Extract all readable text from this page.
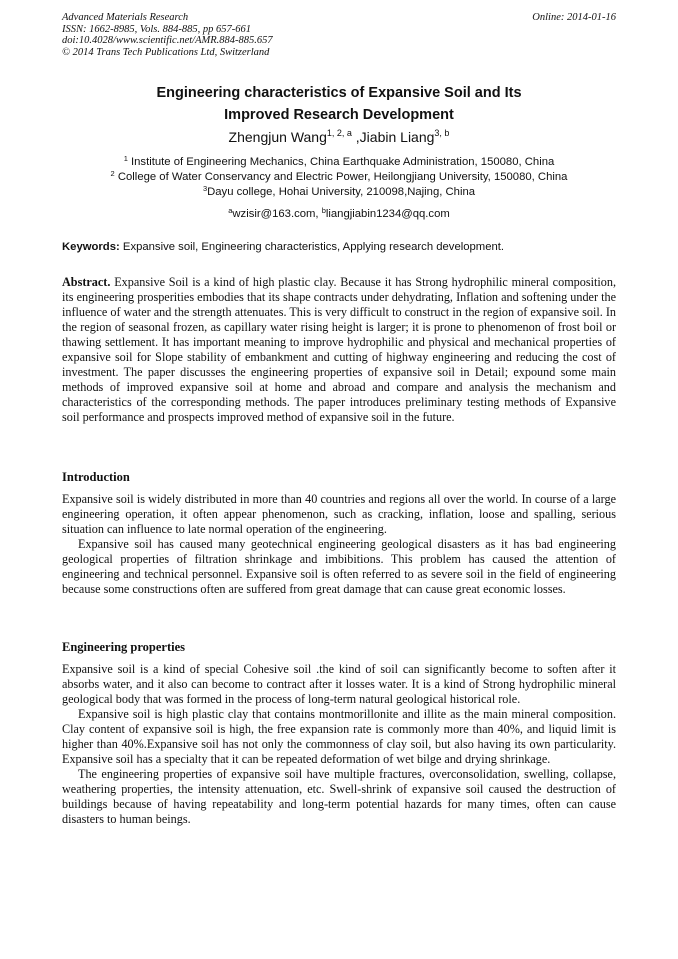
Advanced Materials Research
ISSN: 1662-8985, Vols. 884-885, pp 657-661
doi:10.4028/www.scientific.net/AMR.884-885.657
© 2014 Trans Tech Publications Ltd, Switzerland
Online: 2014-01-16
Engineering characteristics of Expansive Soil and Its
Improved Research Development
Zhengjun Wang$^{1, 2, a}$ ,Jiabin Liang$^{3, b}$
$^1$ Institute of Engineering Mechanics, China Earthquake Administration, 150080, China
$^2$ College of Water Conservancy and Electric Power, Heilongjiang University, 150080, China
$^3$Dayu college, Hohai University, 210098,Najing, China
$^a$wzisir@163.com, $^b$liangjiabin1234@qq.com
Keywords: Expansive soil, Engineering characteristics, Applying research development.

Abstract. Expansive Soil is a kind of high plastic clay. Because it has Strong hydrophilic mineral composition, its engineering prosperities embodies that its shape contracts under dehydrating, Inflation and softening under the influence of water and the strength attenuates. This is very difficult to construct in the region of expansive soil. In the region of seasonal frozen, as capillary water rising height is larger; it is prone to phenomenon of frost boil or thawing settlement. It has important meaning to improve hydrophilic and physical and mechanical properties of expansive soil for Slope stability of embankment and cutting of highway engineering and reducing the cost of investment. The paper discusses the engineering properties of expansive soil in Detail; expound some main methods of improved expansive soil at home and abroad and compare and analysis the mechanism and characteristics of the corresponding methods. The paper introduces preliminary testing methods of Expansive soil performance and prospects improved method of expansive soil in the future.

Introduction

Expansive soil is widely distributed in more than 40 countries and regions all over the world. In course of a large engineering operation, it often appear phenomenon, such as cracking, inflation, loose and spalling, serious situation can influence to late normal operation of the engineering.

Expansive soil has caused many geotechnical engineering geological disasters as it has bad engineering geological properties of filtration shrinkage and imbibitions. This problem has caused the attention of engineering and technical personnel. Expansive soil is often referred to as severe soil in the field of engineering because some constructions often are suffered from great damage that can cause great economic losses.

Engineering properties

Expansive soil is a kind of special Cohesive soil .the kind of soil can significantly become to soften after it absorbs water, and it also can become to contract after it losses water. It is a kind of Strong hydrophilic mineral geological body that was formed in the process of long-term natural geological historical role.

Expansive soil is high plastic clay that contains montmorillonite and illite as the main mineral composition. Clay content of expansive soil is high, the free expansion rate is commonly more than 40%, and liquid limit is higher than 40%.Expansive soil has not only the commonness of clay soil, but also having its own particularity. Expansive soil has a specialty that it can be repeated deformation of wet bilge and drying shrinkage.

The engineering properties of expansive soil have multiple fractures, overconsolidation, swelling, collapse, weathering properties, the intensity attenuation, etc. Swell-shrink of expansive soil caused the destruction of buildings because of having repeatability and long-term potential hazards for many times, often can cause disasters to human beings.
